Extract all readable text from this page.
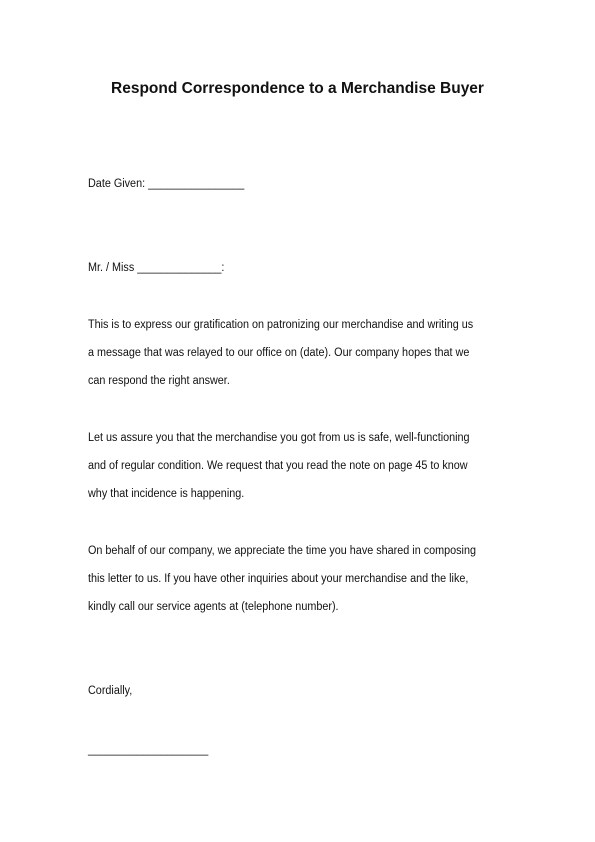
Respond Correspondence to a Merchandise Buyer
Date Given: ________________
Mr. / Miss ______________:
This is to express our gratification on patronizing our merchandise and writing us
a message that was relayed to our office on (date). Our company hopes that we
can respond the right answer.
Let us assure you that the merchandise you got from us is safe, well-functioning
and of regular condition. We request that you read the note on page 45 to know
why that incidence is happening.
On behalf of our company, we appreciate the time you have shared in composing
this letter to us. If you have other inquiries about your merchandise and the like,
kindly call our service agents at (telephone number).
Cordially,
____________________
